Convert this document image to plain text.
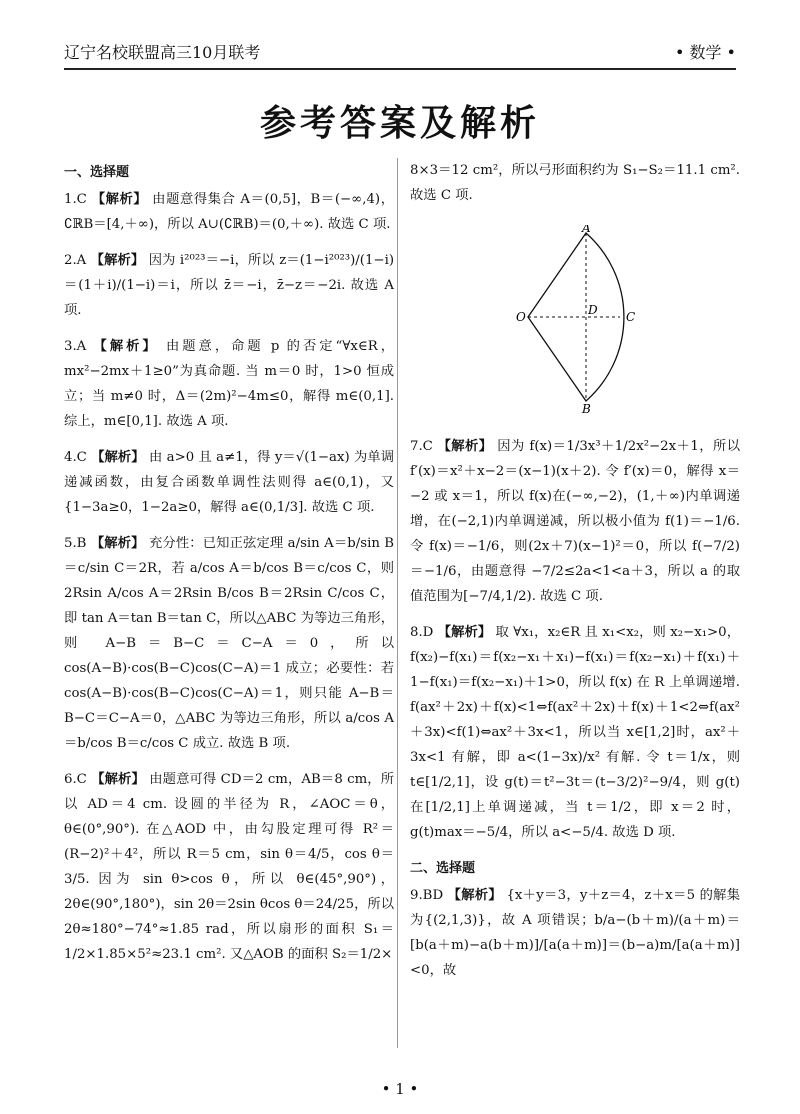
辽宁名校联盟高三10月联考	• 数学 •
参考答案及解析
一、选择题
1.C 【解析】 由题意得集合 A＝(0,5]，B＝(−∞,4)，∁ℝB＝[4,＋∞)，所以 A∪(∁ℝB)＝(0,＋∞). 故选 C 项.
2.A 【解析】 因为 i²⁰²³＝−i，所以 z＝(1−i²⁰²³)/(1−i)＝(1＋i)/(1−i)＝i，所以 z̄＝−i，z̄−z＝−2i. 故选 A 项.
3.A 【解析】 由题意，命题 p 的否定“∀x∈R，mx²−2mx＋1≥0”为真命题. 当 m＝0 时，1>0 恒成立；当 m≠0 时，Δ＝(2m)²−4m≤0，解得 m∈(0,1]. 综上，m∈[0,1]. 故选 A 项.
4.C 【解析】 由 a>0 且 a≠1，得 y＝√(1−ax) 为单调递减函数，由复合函数单调性法则得 a∈(0,1)，又 {1−3a≥0，1−2a≥0，解得 a∈(0,1/3]. 故选 C 项.
5.B 【解析】 充分性：已知正弦定理 a/sin A＝b/sin B＝c/sin C＝2R，若 a/cos A＝b/cos B＝c/cos C，则 2Rsin A/cos A＝2Rsin B/cos B＝2Rsin C/cos C，即 tan A＝tan B＝tan C，所以△ABC 为等边三角形，则 A−B＝B−C＝C−A＝0，所以 cos(A−B)·cos(B−C)cos(C−A)＝1 成立；必要性：若 cos(A−B)·cos(B−C)cos(C−A)＝1，则只能 A−B＝B−C＝C−A＝0，△ABC 为等边三角形，所以 a/cos A＝b/cos B＝c/cos C 成立. 故选 B 项.
6.C 【解析】 由题意可得 CD＝2 cm，AB＝8 cm，所以 AD＝4 cm. 设圆的半径为 R，∠AOC＝θ，θ∈(0°,90°). 在△AOD 中，由勾股定理可得 R²＝(R−2)²＋4²，所以 R＝5 cm，sin θ＝4/5，cos θ＝3/5. 因为 sin θ>cos θ，所以 θ∈(45°,90°)，2θ∈(90°,180°)，sin 2θ＝2sin θcos θ＝24/25，所以 2θ≈180°−74°≈1.85 rad，所以扇形的面积 S₁＝1/2×1.85×5²≈23.1 cm². 又△AOB 的面积 S₂＝1/2×
8×3＝12 cm²，所以弓形面积约为 S₁−S₂＝11.1 cm². 故选 C 项.
A
B
C
D
O
7.C 【解析】 因为 f(x)＝1/3x³＋1/2x²−2x＋1，所以 f′(x)＝x²＋x−2＝(x−1)(x＋2). 令 f′(x)＝0，解得 x＝−2 或 x＝1，所以 f(x)在(−∞,−2)，(1,＋∞)内单调递增，在(−2,1)内单调递减，所以极小值为 f(1)＝−1/6. 令 f(x)＝−1/6，则(2x＋7)(x−1)²＝0，所以 f(−7/2)＝−1/6，由题意得 −7/2≤2a<1<a＋3，所以 a 的取值范围为[−7/4,1/2). 故选 C 项.
8.D 【解析】 取 ∀x₁，x₂∈R 且 x₁<x₂，则 x₂−x₁>0，f(x₂)−f(x₁)＝f(x₂−x₁＋x₁)−f(x₁)＝f(x₂−x₁)＋f(x₁)＋1−f(x₁)＝f(x₂−x₁)＋1>0，所以 f(x) 在 R 上单调递增. f(ax²＋2x)＋f(x)<1⇔f(ax²＋2x)＋f(x)＋1<2⇔f(ax²＋3x)<f(1)⇔ax²＋3x<1，所以当 x∈[1,2]时，ax²＋3x<1 有解，即 a<(1−3x)/x² 有解. 令 t＝1/x，则 t∈[1/2,1]，设 g(t)＝t²−3t＝(t−3/2)²−9/4，则 g(t)在[1/2,1]上单调递减，当 t＝1/2，即 x＝2 时，g(t)max＝−5/4，所以 a<−5/4. 故选 D 项.
二、选择题
9.BD 【解析】 {x＋y＝3，y＋z＝4，z＋x＝5 的解集为{(2,1,3)}，故 A 项错误；b/a−(b＋m)/(a＋m)＝[b(a＋m)−a(b＋m)]/[a(a＋m)]＝(b−a)m/[a(a＋m)]<0，故
• 1 •
